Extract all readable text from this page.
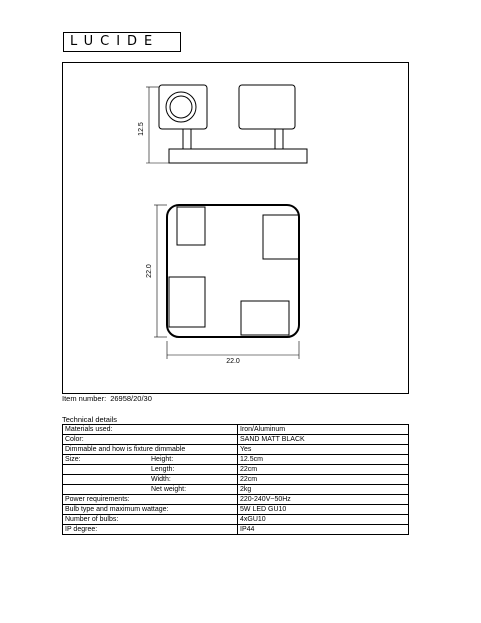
LUCIDE
12.5
22.0
22.0
Item number: 26958/20/30
Technical details
Materials used:	Iron/Aluminum
Color:	SAND MATT BLACK
Dimmable and how is fixture dimmable	Yes
Size: Height:	12.5cm
Length:	22cm
Width:	22cm
Net weight:	2kg
Power requirements:	220-240V~50Hz
Bulb type and maximum wattage:	5W LED GU10
Number of bulbs:	4xGU10
IP degree:	IP44
